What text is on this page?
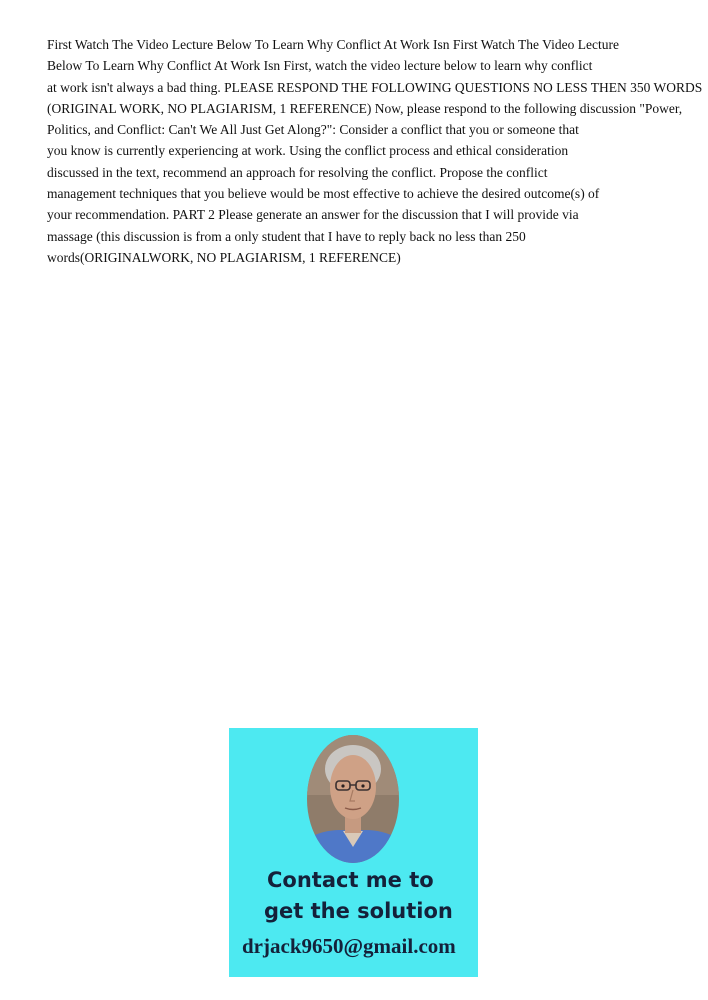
First Watch The Video Lecture Below To Learn Why Conflict At Work Isn First Watch The Video Lecture
Below To Learn Why Conflict At Work Isn First, watch the video lecture below to learn why conflict
at work isn't always a bad thing. PLEASE RESPOND THE FOLLOWING QUESTIONS NO LESS THEN 350 WORDS
(ORIGINAL WORK, NO PLAGIARISM, 1 REFERENCE) Now, please respond to the following discussion "Power,
Politics, and Conflict: Can't We All Just Get Along?": Consider a conflict that you or someone that
you know is currently experiencing at work. Using the conflict process and ethical consideration
discussed in the text, recommend an approach for resolving the conflict. Propose the conflict
management techniques that you believe would be most effective to achieve the desired outcome(s) of
your recommendation. PART 2 Please generate an answer for the discussion that I will provide via
massage (this discussion is from a only student that I have to reply back no less than 250
words(ORIGINALWORK, NO PLAGIARISM, 1 REFERENCE)
Contact me to
get the solution
drjack9650@gmail.com
